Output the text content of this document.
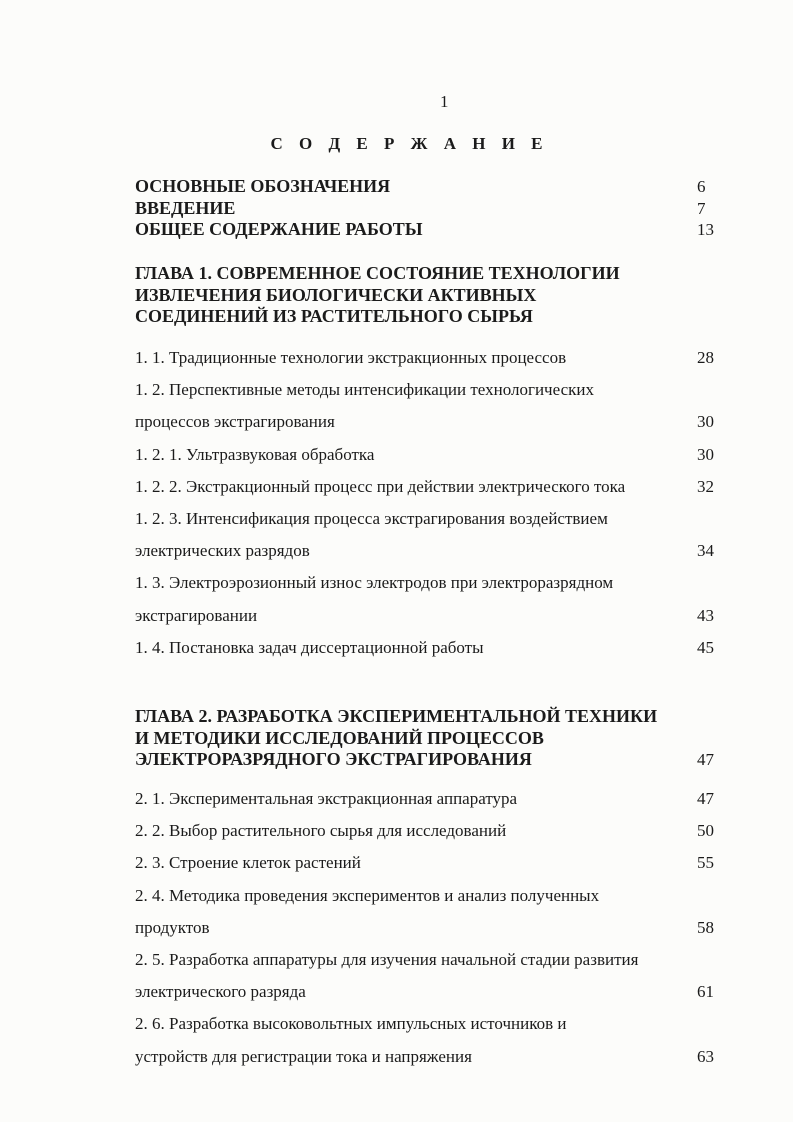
1
С О Д Е Р Ж А Н И Е
ОСНОВНЫЕ ОБОЗНАЧЕНИЯ	6
ВВЕДЕНИЕ	7
ОБЩЕЕ СОДЕРЖАНИЕ РАБОТЫ	13
ГЛАВА 1. СОВРЕМЕННОЕ СОСТОЯНИЕ ТЕХНОЛОГИИ
ИЗВЛЕЧЕНИЯ БИОЛОГИЧЕСКИ АКТИВНЫХ
СОЕДИНЕНИЙ ИЗ РАСТИТЕЛЬНОГО СЫРЬЯ
1. 1. Традиционные технологии экстракционных процессов	28
1. 2. Перспективные методы интенсификации технологических
процессов экстрагирования	30
1. 2. 1. Ультразвуковая обработка	30
1. 2. 2. Экстракционный процесс при действии электрического тока	32
1. 2. 3. Интенсификация процесса экстрагирования воздействием
электрических разрядов	34
1. 3. Электроэрозионный износ электродов при электроразрядном
экстрагировании	43
1. 4. Постановка задач диссертационной работы	45
ГЛАВА 2. РАЗРАБОТКА ЭКСПЕРИМЕНТАЛЬНОЙ ТЕХНИКИ
И МЕТОДИКИ ИССЛЕДОВАНИЙ ПРОЦЕССОВ
ЭЛЕКТРОРАЗРЯДНОГО ЭКСТРАГИРОВАНИЯ	47
2. 1. Экспериментальная экстракционная аппаратура	47
2. 2. Выбор растительного сырья для исследований	50
2. 3. Строение клеток растений	55
2. 4. Методика проведения экспериментов и анализ полученных
продуктов	58
2. 5. Разработка аппаратуры для изучения начальной стадии развития
электрического разряда	61
2. 6. Разработка высоковольтных импульсных источников и
устройств для регистрации тока и напряжения	63
